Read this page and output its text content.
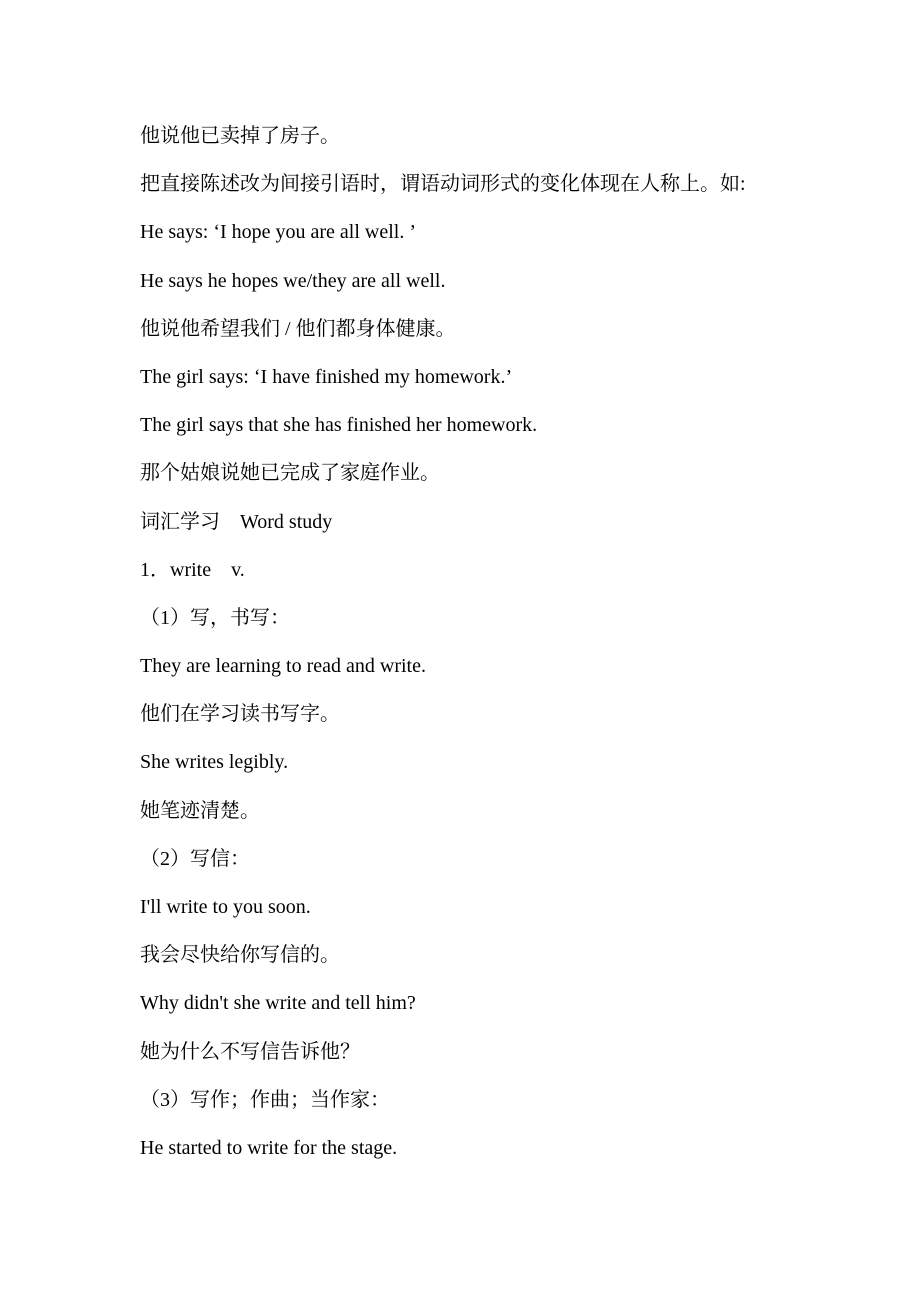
他说他已卖掉了房子。
把直接陈述改为间接引语时，谓语动词形式的变化体现在人称上。如:
He says: ‘I hope you are all well. ’
He says he hopes we/they are all well.
他说他希望我们 / 他们都身体健康。
The girl says: ‘I have finished my homework.’
The girl says that she has finished her homework.
那个姑娘说她已完成了家庭作业。
词汇学习    Word study
1．write    v.
（1）写，书写：
They are learning to read and write.
他们在学习读书写字。
She writes legibly.
她笔迹清楚。
（2）写信：
I'll write to you soon.
我会尽快给你写信的。
Why didn't she write and tell him?
她为什么不写信告诉他？
（3）写作；作曲；当作家：
He started to write for the stage.
